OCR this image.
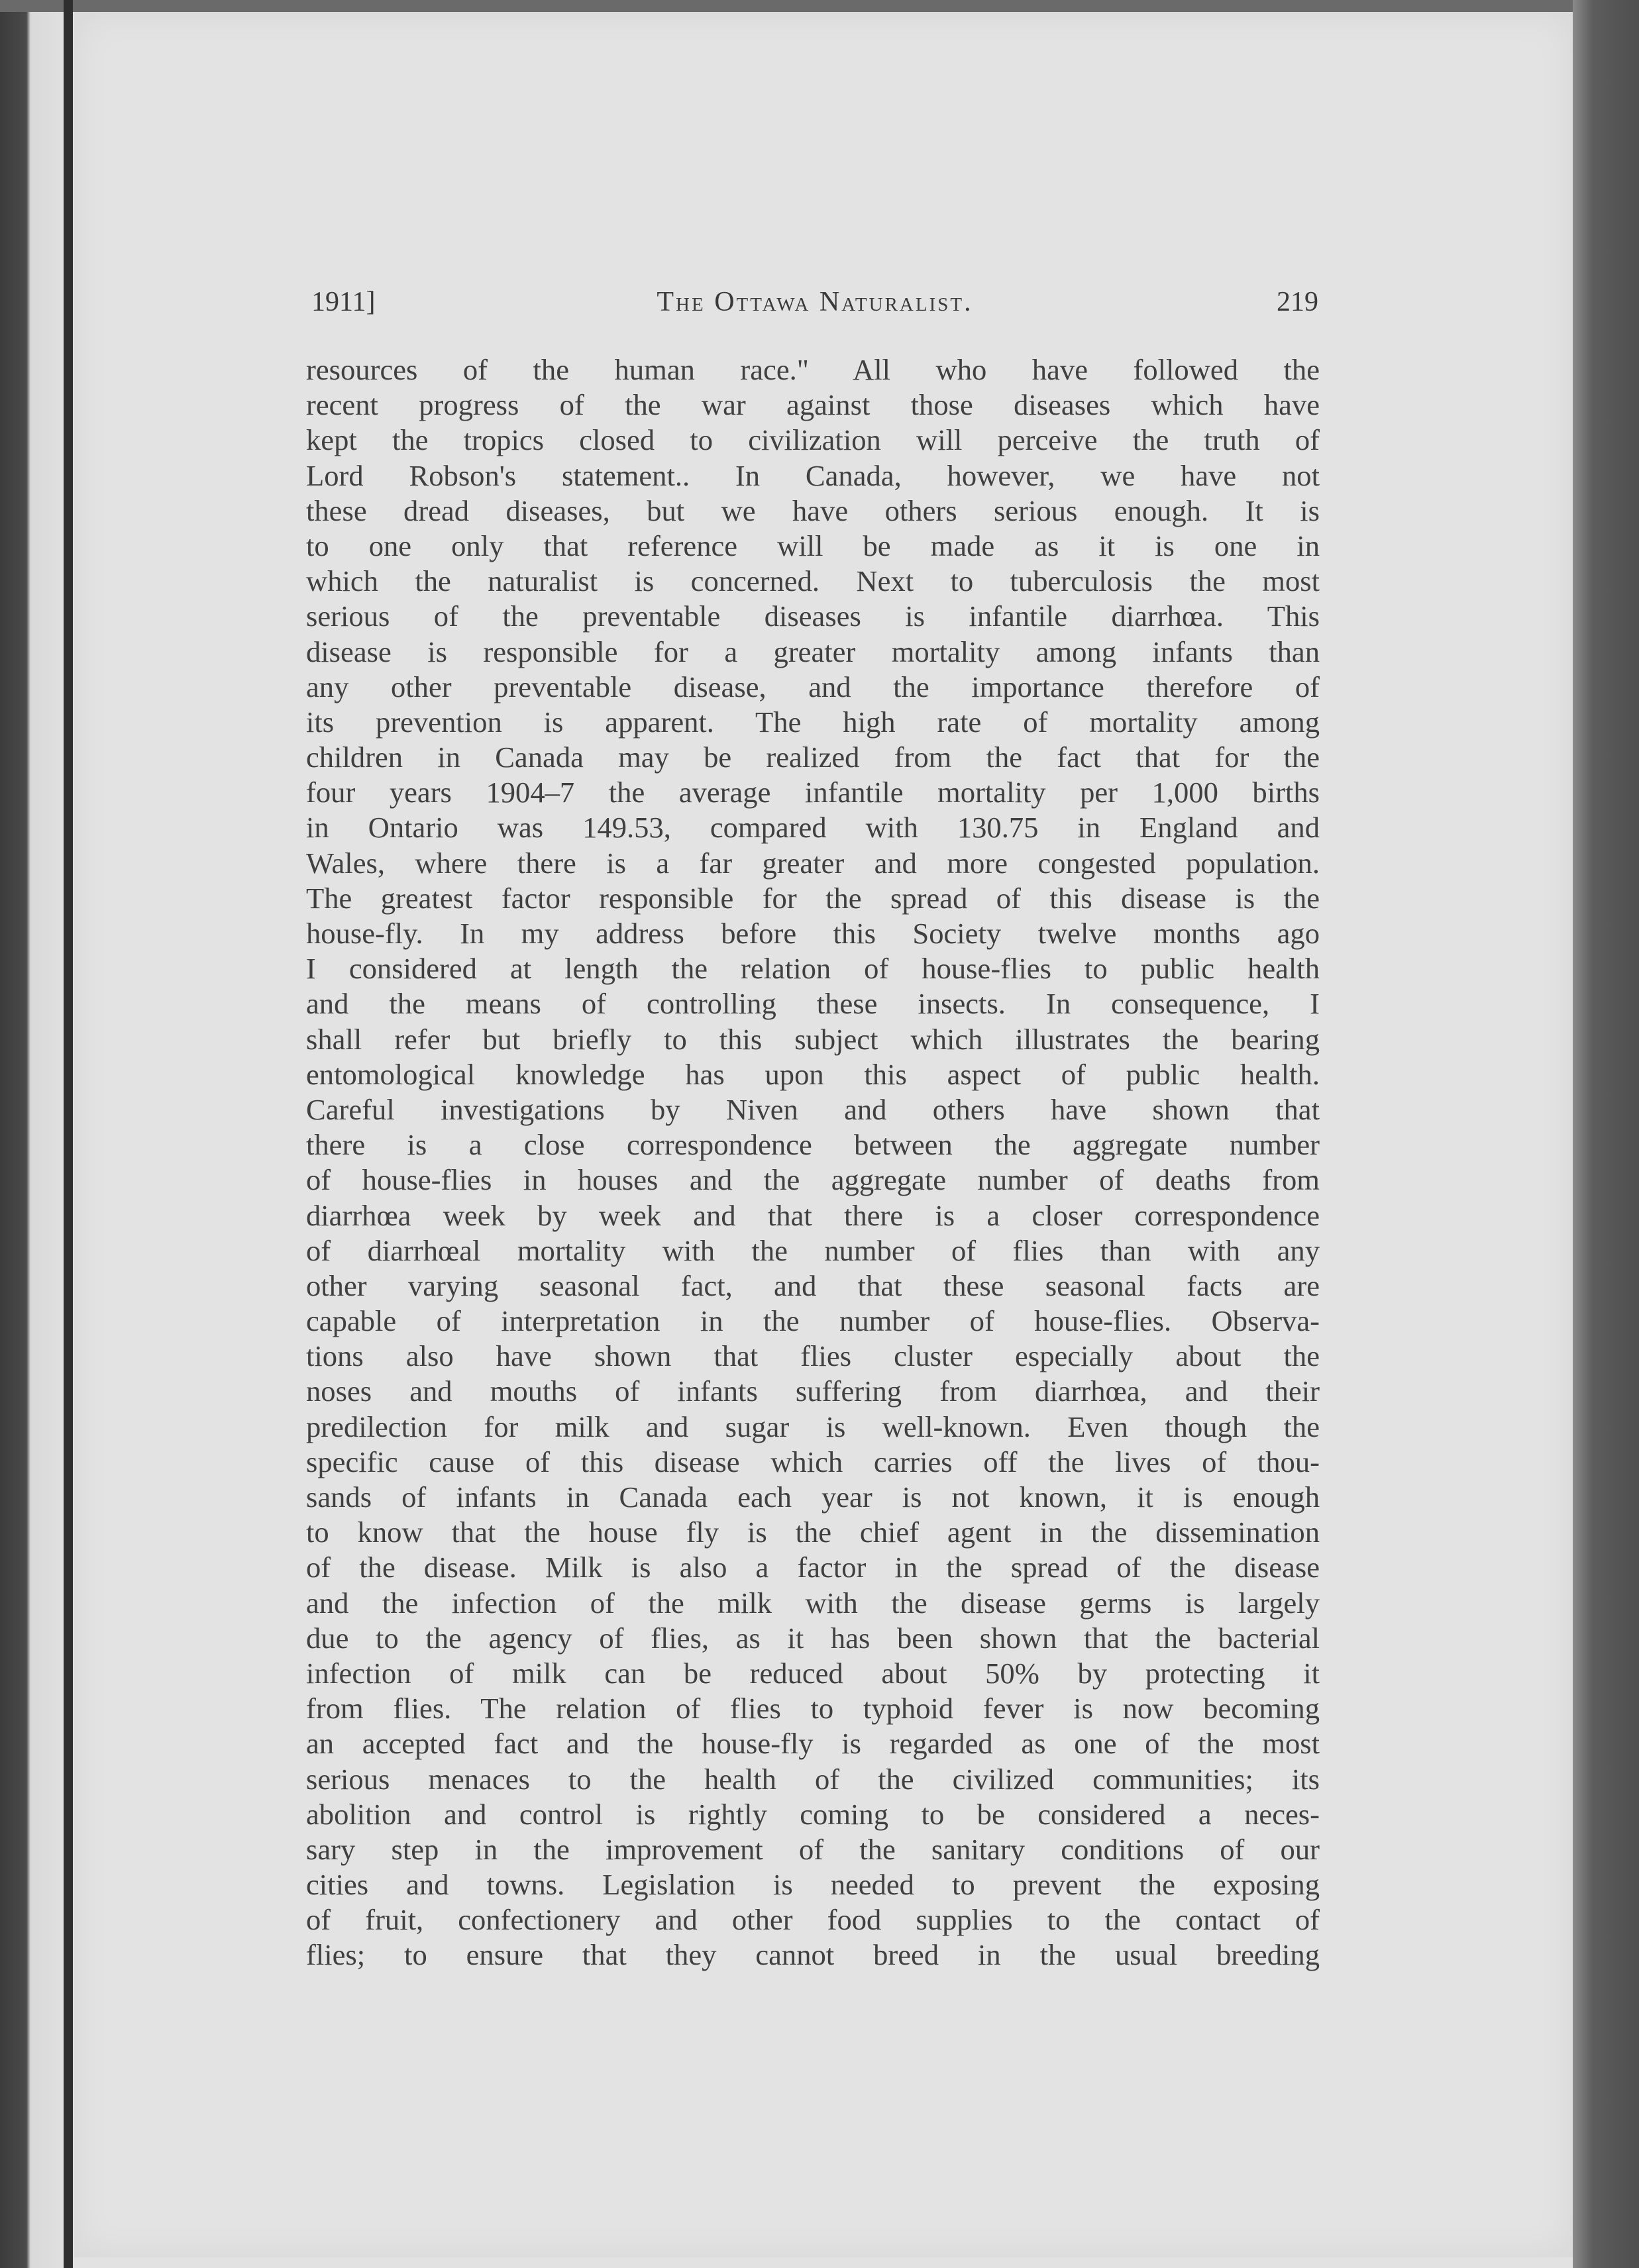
1911]	The Ottawa Naturalist.	219
resources of the human race." All who have followed the
recent progress of the war against those diseases which have
kept the tropics closed to civilization will perceive the truth of
Lord Robson's statement.. In Canada, however, we have not
these dread diseases, but we have others serious enough. It is
to one only that reference will be made as it is one in
which the naturalist is concerned. Next to tuberculosis the most
serious of the preventable diseases is infantile diarrhœa. This
disease is responsible for a greater mortality among infants than
any other preventable disease, and the importance therefore of
its prevention is apparent. The high rate of mortality among
children in Canada may be realized from the fact that for the
four years 1904–7 the average infantile mortality per 1,000 births
in Ontario was 149.53, compared with 130.75 in England and
Wales, where there is a far greater and more congested population.
The greatest factor responsible for the spread of this disease is the
house-fly. In my address before this Society twelve months ago
I considered at length the relation of house-flies to public health
and the means of controlling these insects. In consequence, I
shall refer but briefly to this subject which illustrates the bearing
entomological knowledge has upon this aspect of public health.
Careful investigations by Niven and others have shown that
there is a close correspondence between the aggregate number
of house-flies in houses and the aggregate number of deaths from
diarrhœa week by week and that there is a closer correspondence
of diarrhœal mortality with the number of flies than with any
other varying seasonal fact, and that these seasonal facts are
capable of interpretation in the number of house-flies. Observa-
tions also have shown that flies cluster especially about the
noses and mouths of infants suffering from diarrhœa, and their
predilection for milk and sugar is well-known. Even though the
specific cause of this disease which carries off the lives of thou-
sands of infants in Canada each year is not known, it is enough
to know that the house fly is the chief agent in the dissemination
of the disease. Milk is also a factor in the spread of the disease
and the infection of the milk with the disease germs is largely
due to the agency of flies, as it has been shown that the bacterial
infection of milk can be reduced about 50% by protecting it
from flies. The relation of flies to typhoid fever is now becoming
an accepted fact and the house-fly is regarded as one of the most
serious menaces to the health of the civilized communities; its
abolition and control is rightly coming to be considered a neces-
sary step in the improvement of the sanitary conditions of our
cities and towns. Legislation is needed to prevent the exposing
of fruit, confectionery and other food supplies to the contact of
flies; to ensure that they cannot breed in the usual breeding
